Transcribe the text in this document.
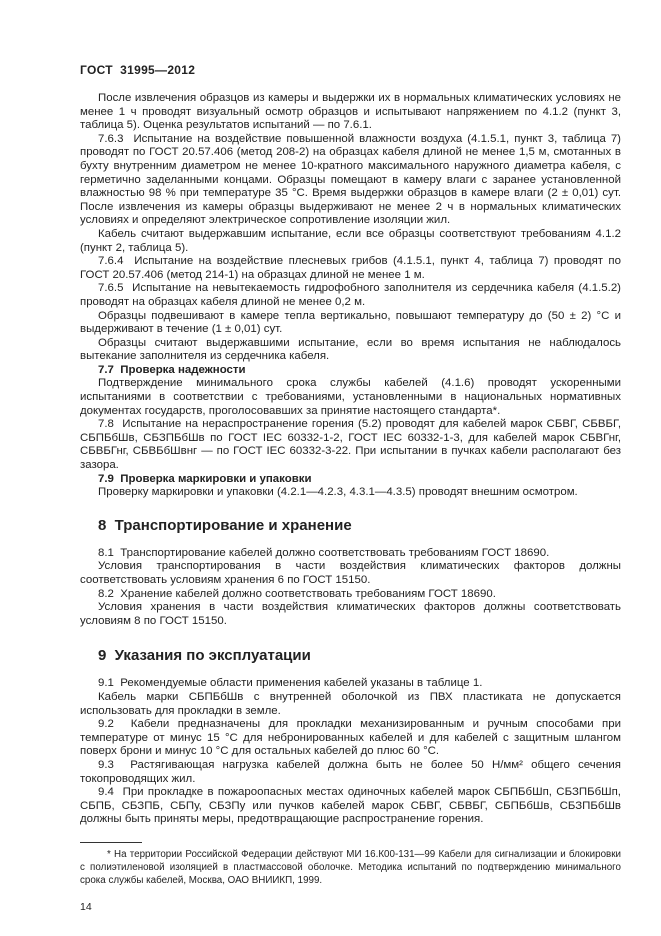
ГОСТ  31995—2012

После извлечения образцов из камеры и выдержки их в нормальных климатических условиях не менее 1 ч проводят визуальный осмотр образцов и испытывают напряжением по 4.1.2 (пункт 3, таблица 5). Оценка результатов испытаний — по 7.6.1.

7.6.3  Испытание на воздействие повышенной влажности воздуха (4.1.5.1, пункт 3, таблица 7) проводят по ГОСТ 20.57.406 (метод 208-2) на образцах кабеля длиной не менее 1,5 м, смотанных в бухту внутренним диаметром не менее 10-кратного максимального наружного диаметра кабеля, с герметично заделанными концами. Образцы помещают в камеру влаги с заранее установленной влажностью 98 % при температуре 35 °С. Время выдержки образцов в камере влаги (2 ± 0,01) сут. После извлечения из камеры образцы выдерживают не менее 2 ч в нормальных климатических условиях и определяют электрическое сопротивление изоляции жил.

Кабель считают выдержавшим испытание, если все образцы соответствуют требованиям 4.1.2 (пункт 2, таблица 5).

7.6.4  Испытание на воздействие плесневых грибов (4.1.5.1, пункт 4, таблица 7) проводят по ГОСТ 20.57.406 (метод 214-1) на образцах длиной не менее 1 м.

7.6.5  Испытание на невытекаемость гидрофобного заполнителя из сердечника кабеля (4.1.5.2) проводят на образцах кабеля длиной не менее 0,2 м.

Образцы подвешивают в камере тепла вертикально, повышают температуру до (50 ± 2) °С и выдерживают в течение (1 ± 0,01) сут.

Образцы считают выдержавшими испытание, если во время испытания не наблюдалось вытекание заполнителя из сердечника кабеля.

7.7  Проверка надежности

Подтверждение минимального срока службы кабелей (4.1.6) проводят ускоренными испытаниями в соответствии с требованиями, установленными в национальных нормативных документах государств, проголосовавших за принятие настоящего стандарта*.

7.8  Испытание на нераспространение горения (5.2) проводят для кабелей марок СБВГ, СБВБГ, СБПБбШв, СБЗПБбШв по ГОСТ IEC 60332-1-2, ГОСТ IEC 60332-1-3, для кабелей марок СБВГнг, СБВБГнг, СБВБбШвнг — по ГОСТ IEC 60332-3-22. При испытании в пучках кабели располагают без зазора.

7.9  Проверка маркировки и упаковки

Проверку маркировки и упаковки (4.2.1—4.2.3, 4.3.1—4.3.5) проводят внешним осмотром.

8  Транспортирование и хранение

8.1  Транспортирование кабелей должно соответствовать требованиям ГОСТ 18690.

Условия транспортирования в части воздействия климатических факторов должны соответствовать условиям хранения 6 по ГОСТ 15150.

8.2  Хранение кабелей должно соответствовать требованиям ГОСТ 18690.

Условия хранения в части воздействия климатических факторов должны соответствовать условиям 8 по ГОСТ 15150.

9  Указания по эксплуатации

9.1  Рекомендуемые области применения кабелей указаны в таблице 1.

Кабель марки СБПБбШв с внутренней оболочкой из ПВХ пластиката не допускается использовать для прокладки в земле.

9.2  Кабели предназначены для прокладки механизированным и ручным способами при температуре от минус 15 °С для небронированных кабелей и для кабелей с защитным шлангом поверх брони и минус 10 °С для остальных кабелей до плюс 60 °С.

9.3  Растягивающая нагрузка кабелей должна быть не более 50 Н/мм² общего сечения токопроводящих жил.

9.4  При прокладке в пожароопасных местах одиночных кабелей марок СБПБбШп, СБЗПБбШп, СБПБ, СБЗПБ, СБПу, СБЗПу или пучков кабелей марок СБВГ, СБВБГ, СБПБбШв, СБЗПБбШв должны быть приняты меры, предотвращающие распространение горения.

* На территории Российской Федерации действуют МИ 16.К00-131—99 Кабели для сигнализации и блокировки с полиэтиленовой изоляцией в пластмассовой оболочке. Методика испытаний по подтверждению минимального срока службы кабелей, Москва, ОАО ВНИИКП, 1999.

14
